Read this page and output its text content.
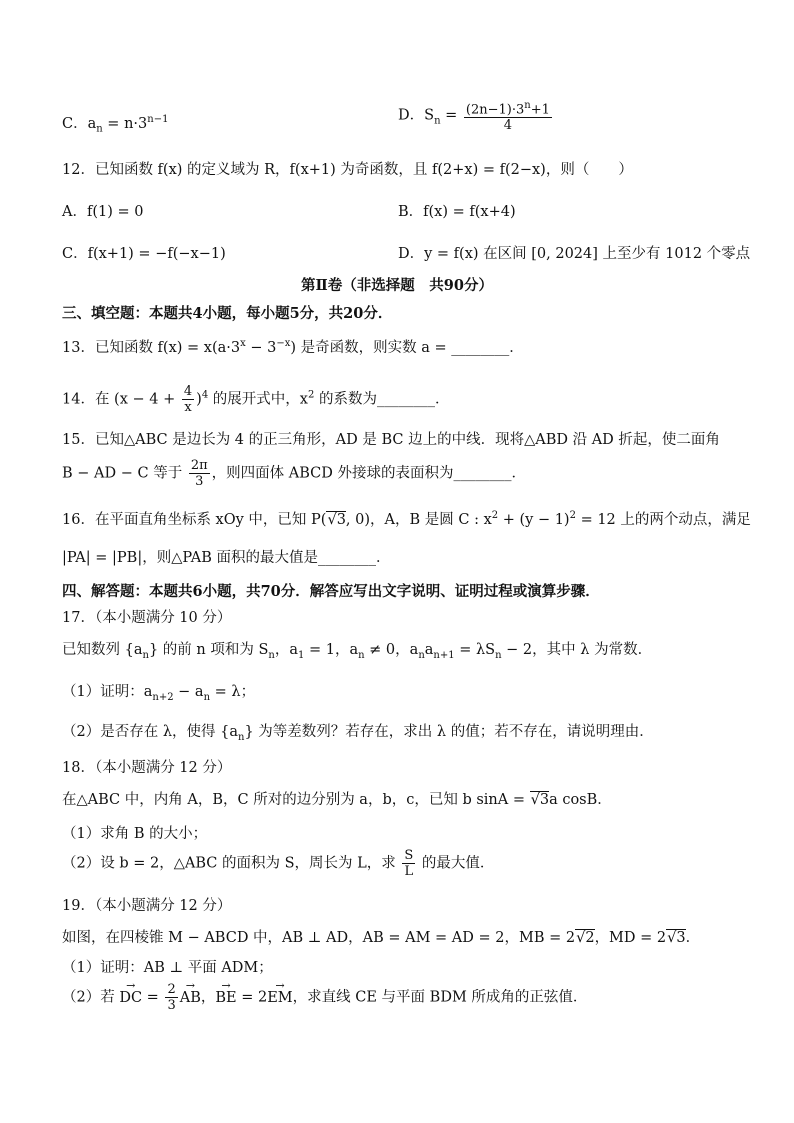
C．$a_n = n\cdot 3^{n-1}$	D．$S_n = \frac{(2n-1)\cdot 3^n+1}{4}$
12．已知函数 f(x) 的定义域为 R，f(x+1) 为奇函数，且 f(2+x) = f(2−x)，则（　　）
A．f(1) = 0	B．f(x) = f(x+4)
C．f(x+1) = −f(−x−1)	D．y = f(x) 在区间 [0, 2024] 上至少有 1012 个零点
第Ⅱ卷（非选择题　共90分）
三、填空题：本题共4小题，每小题5分，共20分．
13．已知函数 $f(x) = x(a\cdot 3^x - 3^{-x})$ 是奇函数，则实数 a = ________．
14．在 $(x - 4 + \frac{4}{x} )^4$ 的展开式中，$x^2$ 的系数为________．
15．已知△ABC 是边长为 4 的正三角形，AD 是 BC 边上的中线．现将△ABD 沿 AD 折起，使二面角
B − AD − C 等于 $\frac{2\pi}{3}$ ，则四面体 ABCD 外接球的表面积为________．
16．在平面直角坐标系 xOy 中，已知 P(√3, 0)，A，B 是圆 C : $x^2 + (y - 1)^2 = 12$ 上的两个动点，满足
|PA| = |PB|，则△PAB 面积的最大值是________．
四、解答题：本题共6小题，共70分．解答应写出文字说明、证明过程或演算步骤．
17．（本小题满分 10 分）
已知数列 $\{a_n\}$ 的前 n 项和为 $S_n$，$a_1 = 1$，$a_n \ne 0$，$a_na_{n+1} = \lambda S_n - 2$，其中 λ 为常数．
（1）证明：$a_{n+2} - a_n = \lambda$；
（2）是否存在 λ，使得 $\{a_n\}$ 为等差数列？若存在，求出 λ 的值；若不存在，请说明理由．
18．（本小题满分 12 分）
在△ABC 中，内角 A，B，C 所对的边分别为 a，b，c，已知 b sinA = √3a cosB．
（1）求角 B 的大小；
（2）设 b = 2，△ABC 的面积为 S，周长为 L，求 $\frac{S}{L}$ 的最大值．
19．（本小题满分 12 分）
如图，在四棱锥 M − ABCD 中，AB ⊥ AD，AB = AM = AD = 2，MB = 2√2，MD = 2√3．
（1）证明：AB ⊥ 平面 ADM；
（2）若 → DC = $\frac{2}{3}$
→ AB，→ BE = 2→ EM，求直线 CE 与平面 BDM 所成角的正弦值．
